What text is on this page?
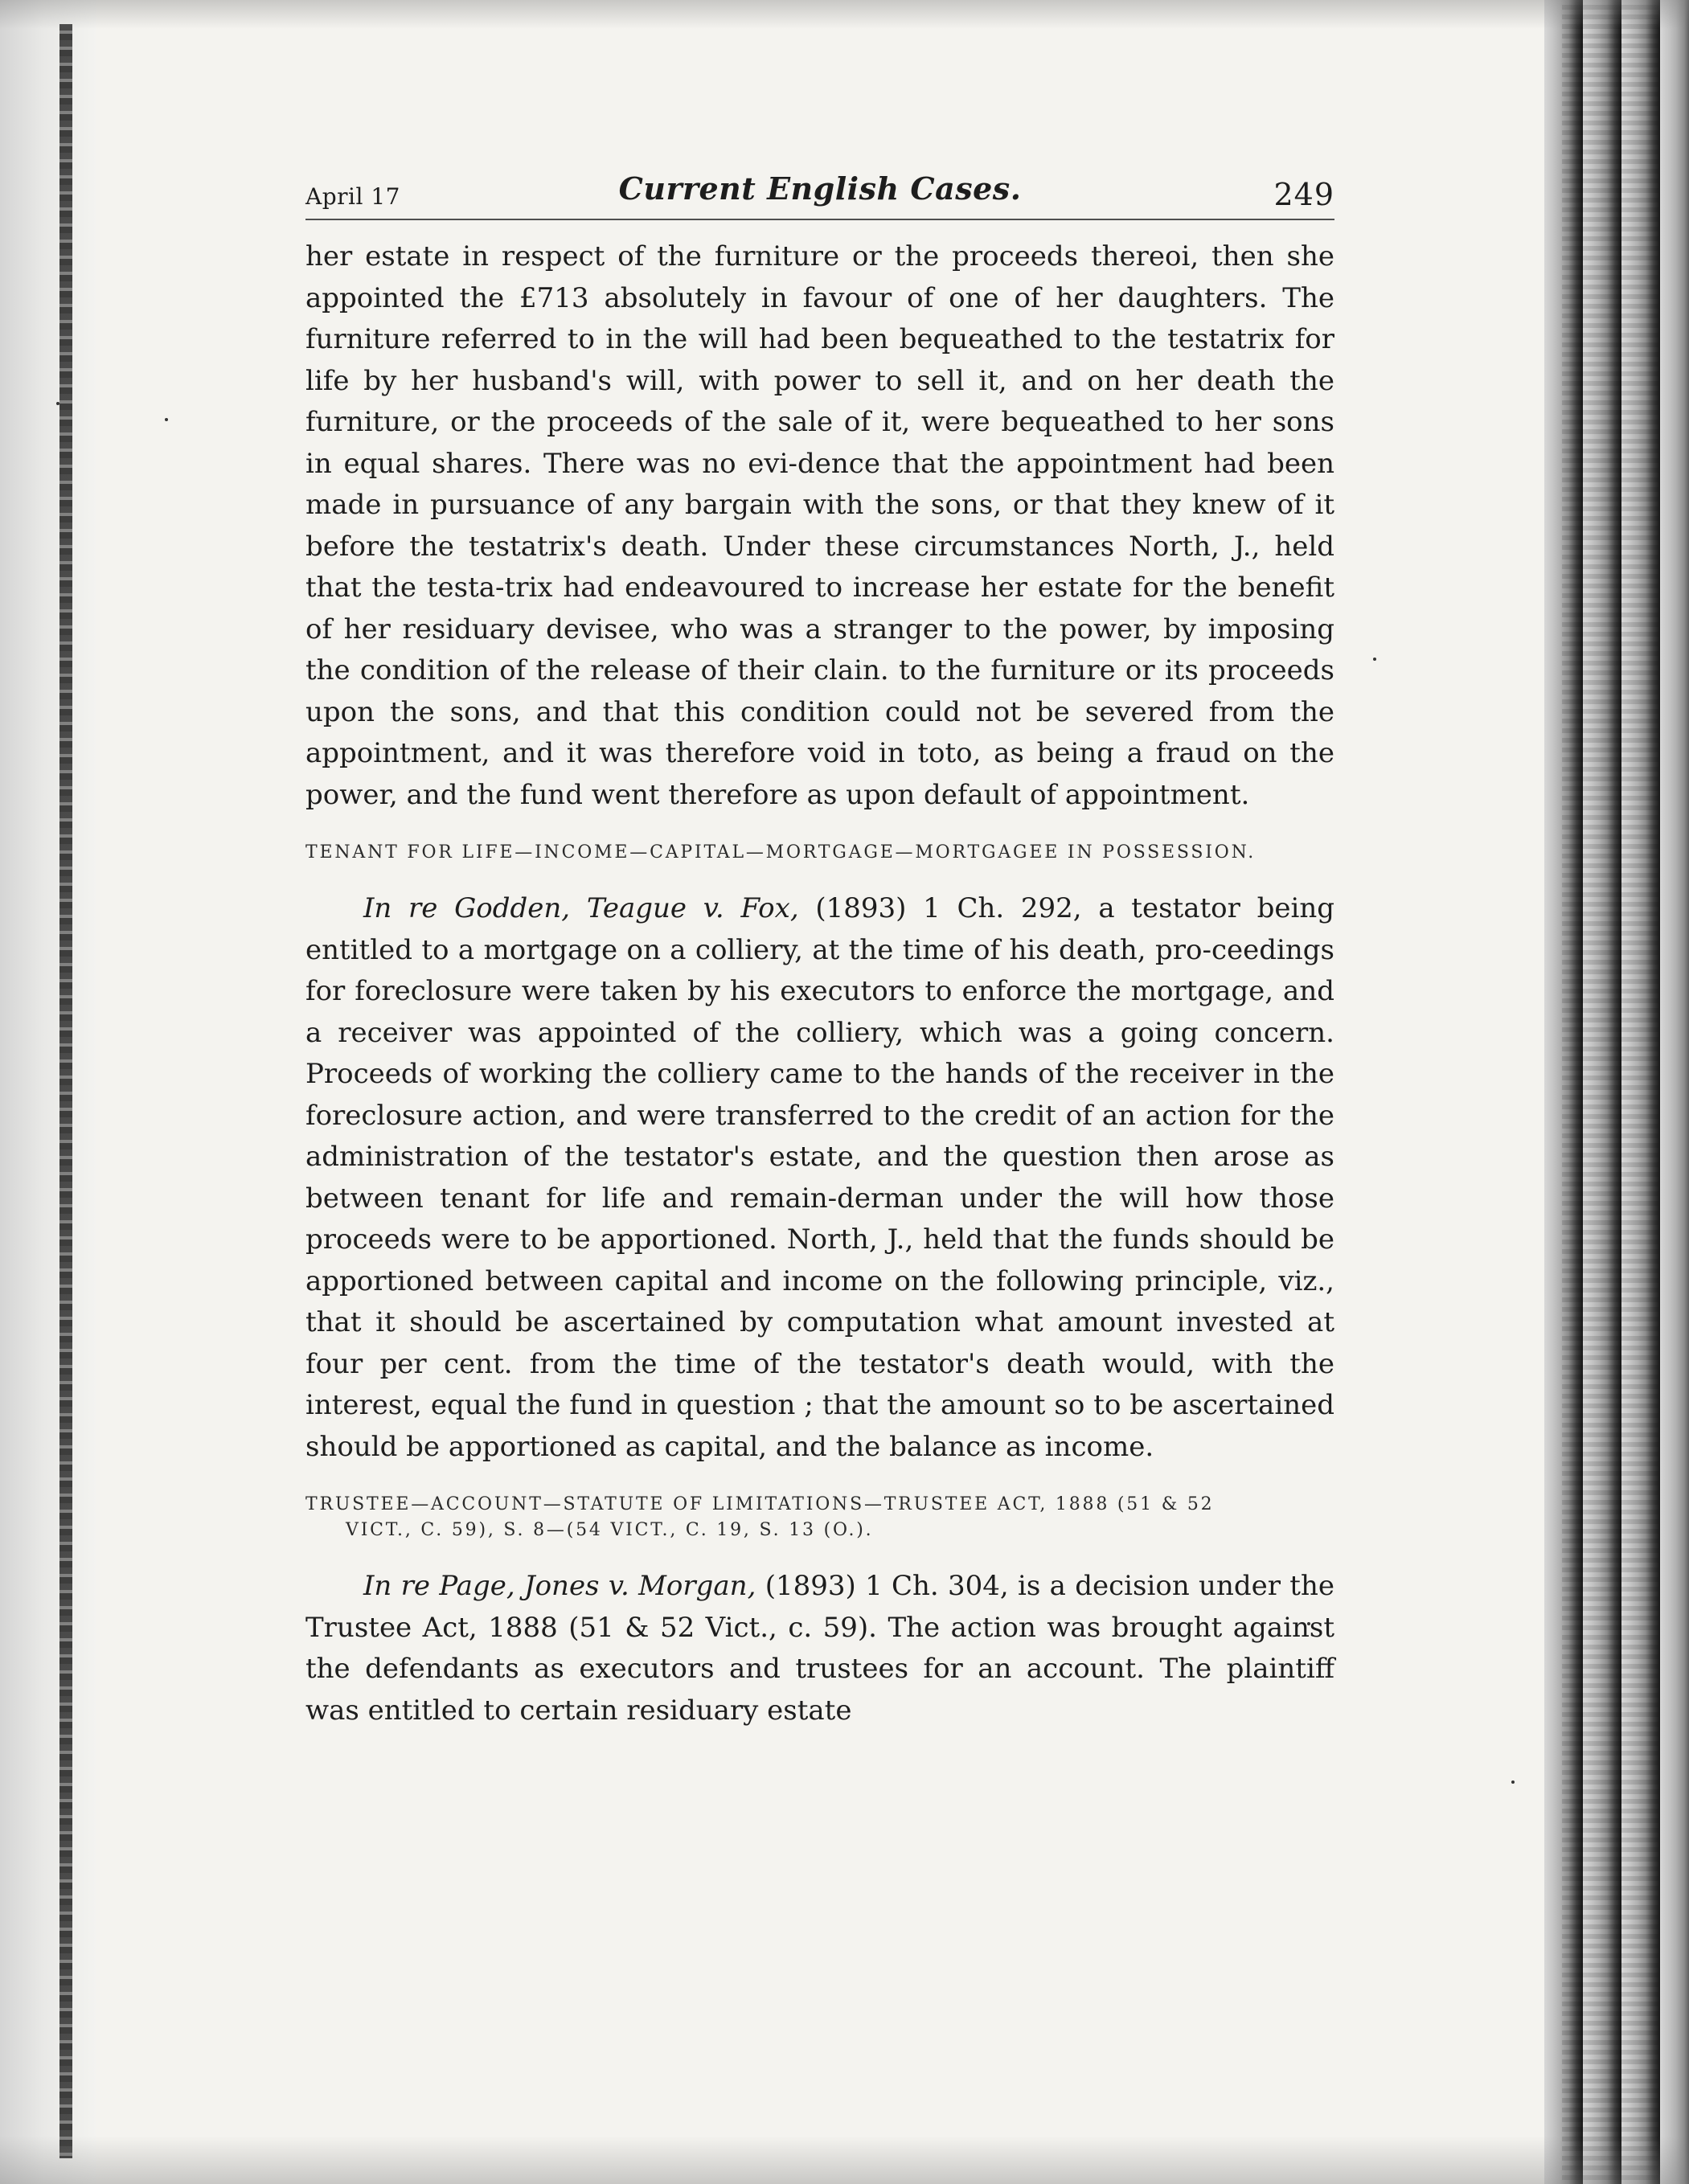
April 17	Current English Cases.	249

her estate in respect of the furniture or the proceeds thereoi, then she appointed the £713 absolutely in favour of one of her daughters. The furniture referred to in the will had been bequeathed to the testatrix for life by her husband's will, with power to sell it, and on her death the furniture, or the proceeds of the sale of it, were bequeathed to her sons in equal shares. There was no evi-dence that the appointment had been made in pursuance of any bargain with the sons, or that they knew of it before the testatrix's death. Under these circumstances North, J., held that the testa-trix had endeavoured to increase her estate for the benefit of her residuary devisee, who was a stranger to the power, by imposing the condition of the release of their clain. to the furniture or its proceeds upon the sons, and that this condition could not be severed from the appointment, and it was therefore void in toto, as being a fraud on the power, and the fund went therefore as upon default of appointment.

TENANT FOR LIFE—INCOME—CAPITAL—MORTGAGE—MORTGAGEE IN POSSESSION.

In re Godden, Teague v. Fox, (1893) 1 Ch. 292, a testator being entitled to a mortgage on a colliery, at the time of his death, pro-ceedings for foreclosure were taken by his executors to enforce the mortgage, and a receiver was appointed of the colliery, which was a going concern. Proceeds of working the colliery came to the hands of the receiver in the foreclosure action, and were transferred to the credit of an action for the administration of the testator's estate, and the question then arose as between tenant for life and remain-derman under the will how those proceeds were to be apportioned. North, J., held that the funds should be apportioned between capital and income on the following principle, viz., that it should be ascertained by computation what amount invested at four per cent. from the time of the testator's death would, with the interest, equal the fund in question ; that the amount so to be ascertained should be apportioned as capital, and the balance as income.

TRUSTEE—ACCOUNT—STATUTE OF LIMITATIONS—TRUSTEE ACT, 1888 (51 & 52
VICT., C. 59), S. 8—(54 VICT., C. 19, S. 13 (O.).

In re Page, Jones v. Morgan, (1893) 1 Ch. 304, is a decision under the Trustee Act, 1888 (51 & 52 Vict., c. 59). The action was brought against the defendants as executors and trustees for an account. The plaintiff was entitled to certain residuary estate
